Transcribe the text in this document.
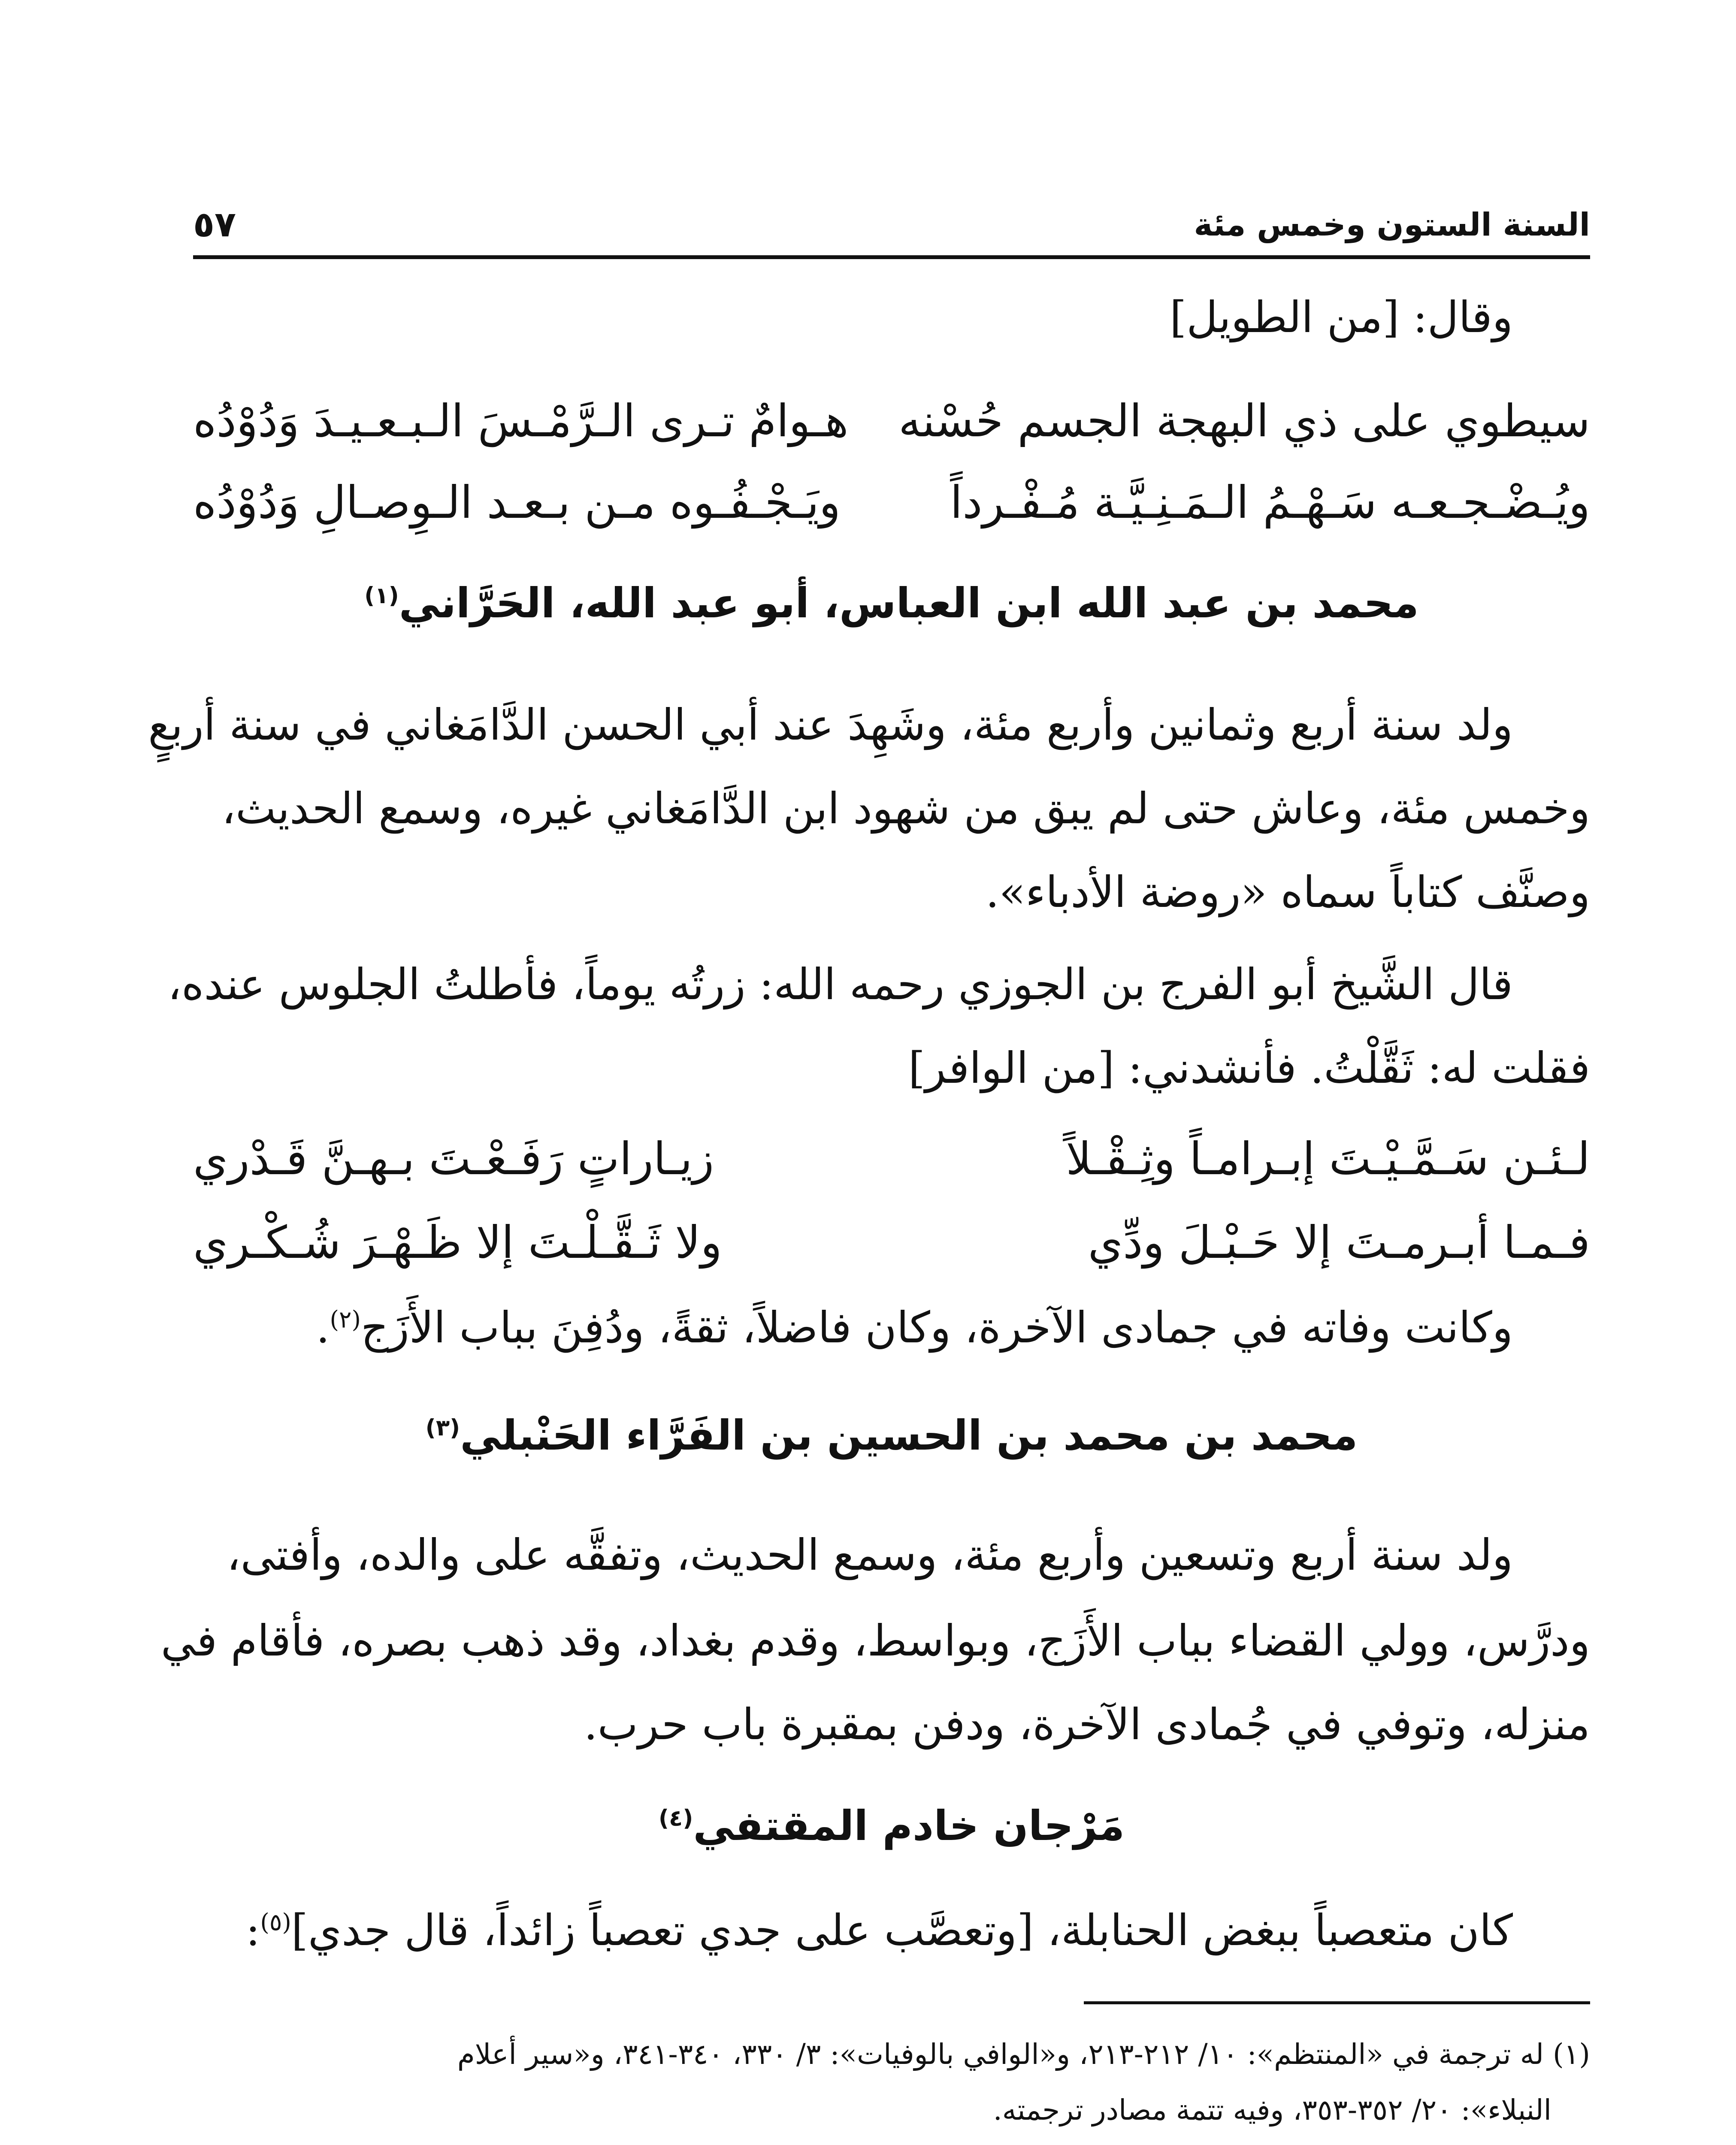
السنة الستون وخمس مئة
٥٧
وقال: [من الطويل]
سيطوي على ذي البهجة الجسم حُسْنه
هـوامٌ تـرى الـرَّمْـسَ الـبـعـيـدَ وَدُوْدُه
ويُـضْـجـعـه سَـهْـمُ الـمَـنِـيَّـة مُـفْـرداً
ويَـجْـفُـوه مـن بـعـد الـوِصـالِ وَدُوْدُه
محمد بن عبد الله ابن العباس، أبو عبد الله، الحَرَّاني$^{(١)}$
ولد سنة أربع وثمانين وأربع مئة، وشَهِدَ عند أبي الحسن الدَّامَغاني في سنة أربعٍ
وخمس مئة، وعاش حتى لم يبق من شهود ابن الدَّامَغاني غيره، وسمع الحديث،
وصنَّف كتاباً سماه «روضة الأدباء».
قال الشَّيخ أبو الفرج بن الجوزي رحمه الله: زرتُه يوماً، فأطلتُ الجلوس عنده،
فقلت له: ثَقَّلْتُ. فأنشدني: [من الوافر]
لـئـن سَـمَّـيْـتَ إبـرامـاً وثِـقْـلاً
زيـاراتٍ رَفَـعْـتَ بـهـنَّ قَـدْري
فـمـا أبـرمـتَ إلا حَـبْـلَ ودِّي
ولا ثَـقَّـلْـتَ إلا ظَـهْـرَ شُـكْـري
وكانت وفاته في جمادى الآخرة، وكان فاضلاً، ثقةً، ودُفِنَ بباب الأَزَج$^{(٢)}$.
محمد بن محمد بن الحسين بن الفَرَّاء الحَنْبلي$^{(٣)}$
ولد سنة أربع وتسعين وأربع مئة، وسمع الحديث، وتفقَّه على والده، وأفتى،
ودرَّس، وولي القضاء بباب الأَزَج، وبواسط، وقدم بغداد، وقد ذهب بصره، فأقام في
منزله، وتوفي في جُمادى الآخرة، ودفن بمقبرة باب حرب.
مَرْجان خادم المقتفي$^{(٤)}$
كان متعصباً ببغض الحنابلة، [وتعصَّب على جدي تعصباً زائداً، قال جدي]$^{(٥)}$:
(١) له ترجمة في «المنتظم»: ١٠/ ٢١٢-٢١٣، و«الوافي بالوفيات»: ٣/ ٣٣٠، ٣٤٠-٣٤١، و«سير أعلام
النبلاء»: ٢٠/ ٣٥٢-٣٥٣، وفيه تتمة مصادر ترجمته.
